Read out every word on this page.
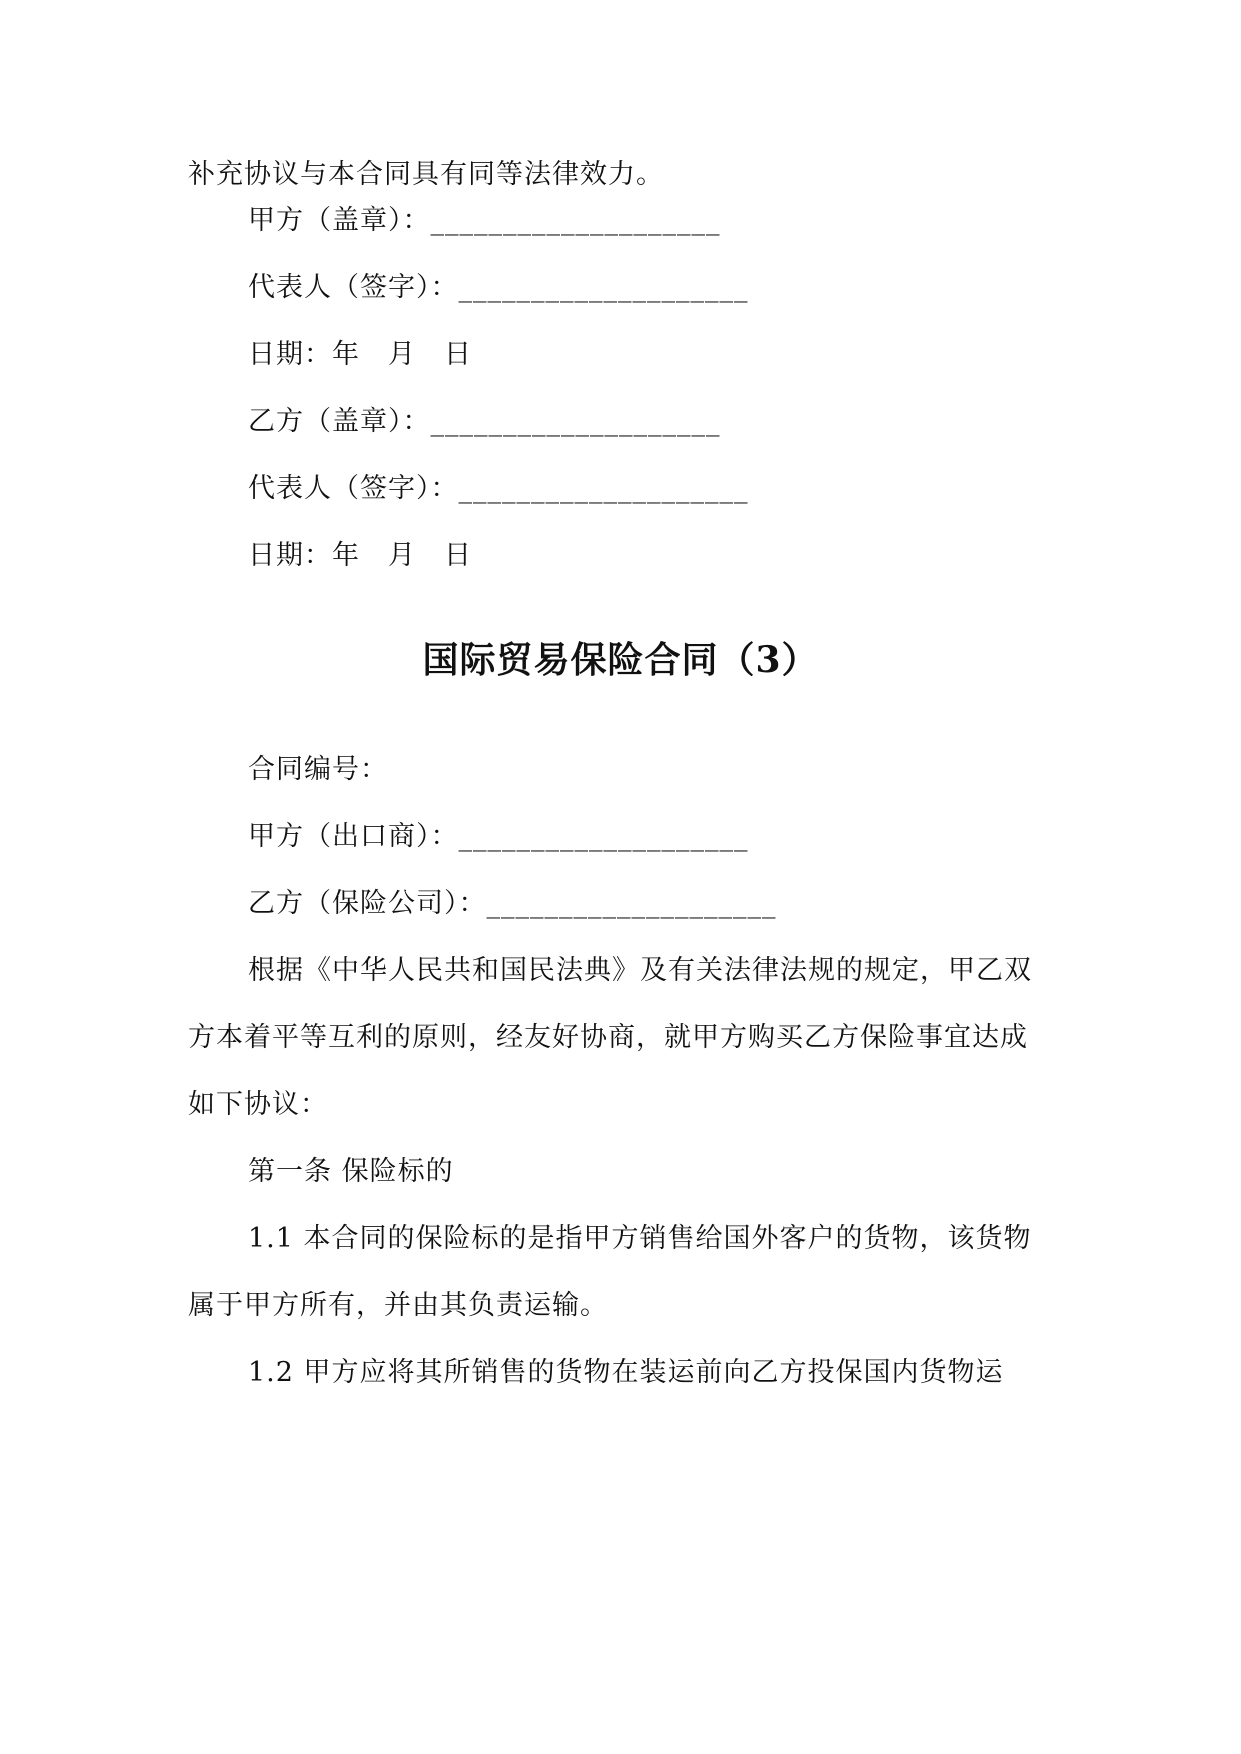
补充协议与本合同具有同等法律效力。
甲方（盖章）：____________________
代表人（签字）：____________________
日期：年　月　日
乙方（盖章）：____________________
代表人（签字）：____________________
日期：年　月　日
国际贸易保险合同（3）
合同编号：
甲方（出口商）：____________________
乙方（保险公司）：____________________
根据《中华人民共和国民法典》及有关法律法规的规定，甲乙双
方本着平等互利的原则，经友好协商，就甲方购买乙方保险事宜达成
如下协议：
第一条 保险标的
1.1 本合同的保险标的是指甲方销售给国外客户的货物，该货物
属于甲方所有，并由其负责运输。
1.2 甲方应将其所销售的货物在装运前向乙方投保国内货物运
